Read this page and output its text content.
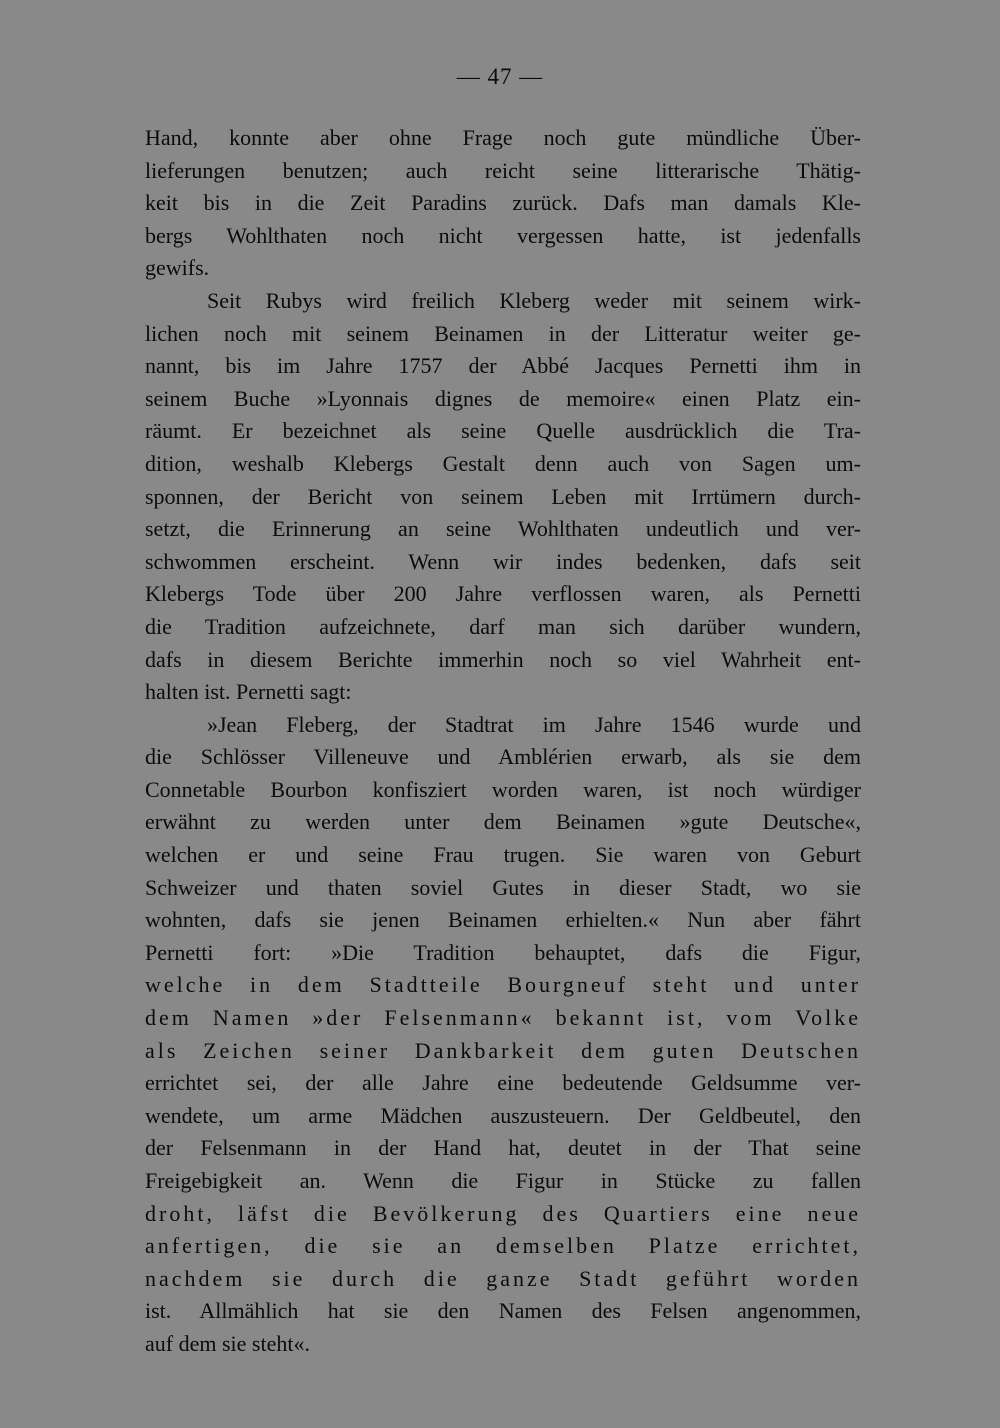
— 47 —
Hand, konnte aber ohne Frage noch gute mündliche Über-
lieferungen benutzen; auch reicht seine litterarische Thätig-
keit bis in die Zeit Paradins zurück. Dafs man damals Kle-
bergs Wohlthaten noch nicht vergessen hatte, ist jedenfalls
gewifs.
Seit Rubys wird freilich Kleberg weder mit seinem wirk-
lichen noch mit seinem Beinamen in der Litteratur weiter ge-
nannt, bis im Jahre 1757 der Abbé Jacques Pernetti ihm in
seinem Buche »Lyonnais dignes de memoire« einen Platz ein-
räumt. Er bezeichnet als seine Quelle ausdrücklich die Tra-
dition, weshalb Klebergs Gestalt denn auch von Sagen um-
sponnen, der Bericht von seinem Leben mit Irrtümern durch-
setzt, die Erinnerung an seine Wohlthaten undeutlich und ver-
schwommen erscheint. Wenn wir indes bedenken, dafs seit
Klebergs Tode über 200 Jahre verflossen waren, als Pernetti
die Tradition aufzeichnete, darf man sich darüber wundern,
dafs in diesem Berichte immerhin noch so viel Wahrheit ent-
halten ist. Pernetti sagt:
»Jean Fleberg, der Stadtrat im Jahre 1546 wurde und
die Schlösser Villeneuve und Amblérien erwarb, als sie dem
Connetable Bourbon konfisziert worden waren, ist noch würdiger
erwähnt zu werden unter dem Beinamen »gute Deutsche«,
welchen er und seine Frau trugen. Sie waren von Geburt
Schweizer und thaten soviel Gutes in dieser Stadt, wo sie
wohnten, dafs sie jenen Beinamen erhielten.« Nun aber fährt
Pernetti fort: »Die Tradition behauptet, dafs die Figur,
welche in dem Stadtteile Bourgneuf steht und unter
dem Namen »der Felsenmann« bekannt ist, vom Volke
als Zeichen seiner Dankbarkeit dem guten Deutschen
errichtet sei, der alle Jahre eine bedeutende Geldsumme ver-
wendete, um arme Mädchen auszusteuern. Der Geldbeutel, den
der Felsenmann in der Hand hat, deutet in der That seine
Freigebigkeit an. Wenn die Figur in Stücke zu fallen
droht, läfst die Bevölkerung des Quartiers eine neue
anfertigen, die sie an demselben Platze errichtet,
nachdem sie durch die ganze Stadt geführt worden
ist. Allmählich hat sie den Namen des Felsen angenommen,
auf dem sie steht«.
